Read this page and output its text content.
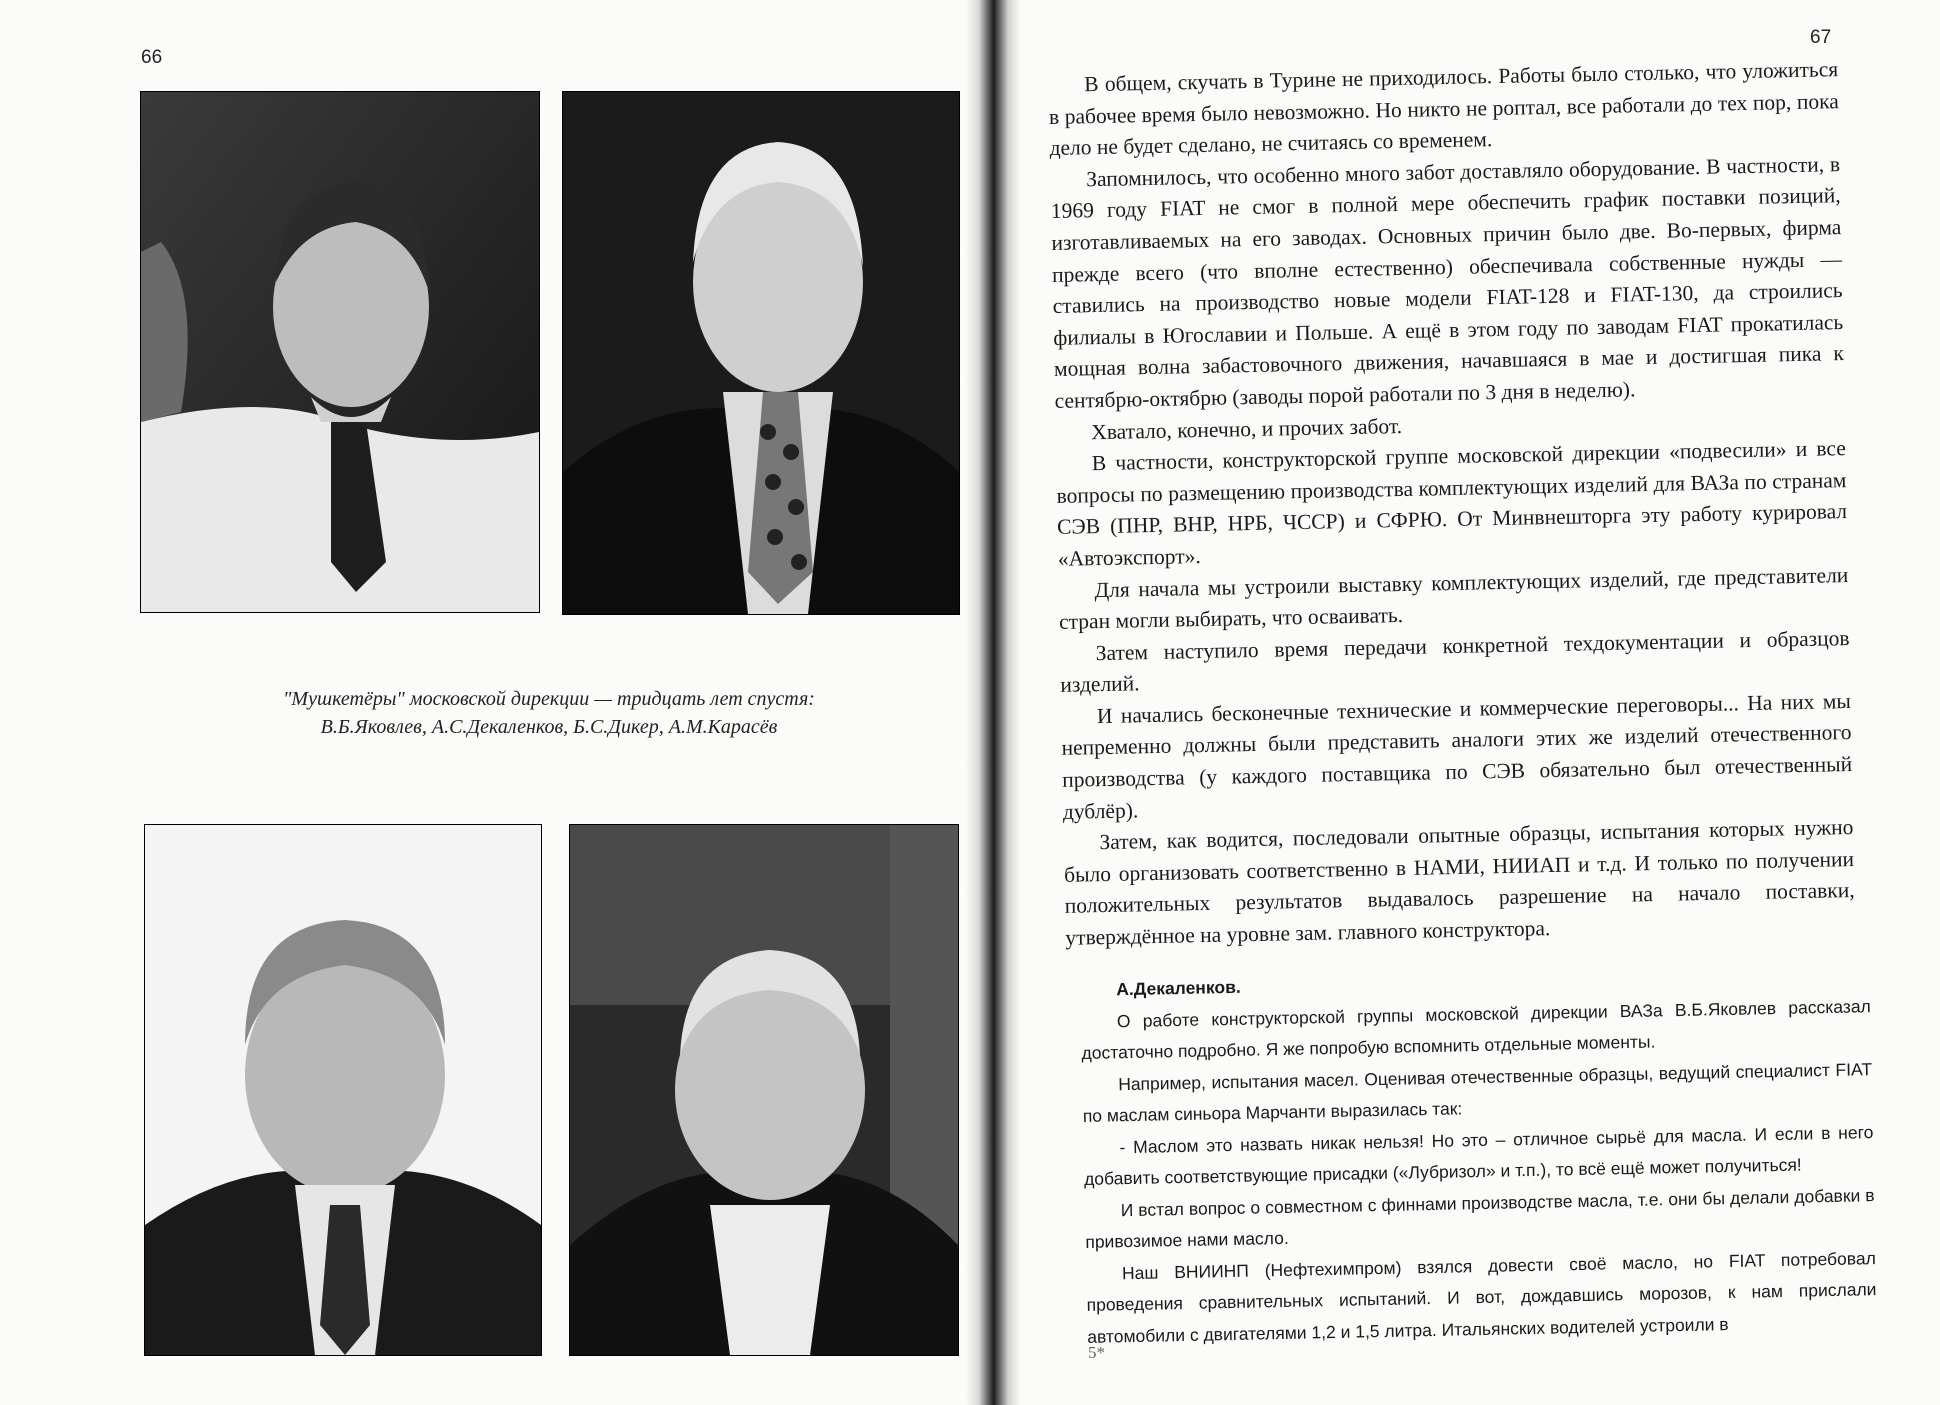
66
67
"Мушкетёры" московской дирекции — тридцать лет спустя:
В.Б.Яковлев, А.С.Декаленков, Б.С.Дикер, А.М.Карасёв

В общем, скучать в Турине не приходилось. Работы было столько, что уложиться в рабочее время было невозможно. Но никто не роптал, все работали до тех пор, пока дело не будет сделано, не считаясь со временем.

Запомнилось, что особенно много забот доставляло оборудование. В частности, в 1969 году FIAT не смог в полной мере обеспечить график поставки позиций, изготавливаемых на его заводах. Основных причин было две. Во-первых, фирма прежде всего (что вполне естественно) обеспечивала собственные нужды — ставились на производство новые модели FIAT-128 и FIAT-130, да строились филиалы в Югославии и Польше. А ещё в этом году по заводам FIAT прокатилась мощная волна забастовочного движения, начавшаяся в мае и достигшая пика к сентябрю-октябрю (заводы порой работали по 3 дня в неделю).

Хватало, конечно, и прочих забот.

В частности, конструкторской группе московской дирекции «подвесили» и все вопросы по размещению производства комплектующих изделий для ВАЗа по странам СЭВ (ПНР, ВНР, НРБ, ЧССР) и СФРЮ. От Минвнешторга эту работу курировал «Автоэкспорт».

Для начала мы устроили выставку комплектующих изделий, где представители стран могли выбирать, что осваивать.

Затем наступило время передачи конкретной техдокументации и образцов изделий.

И начались бесконечные технические и коммерческие переговоры... На них мы непременно должны были представить аналоги этих же изделий отечественного производства (у каждого поставщика по СЭВ обязательно был отечественный дублёр).

Затем, как водится, последовали опытные образцы, испытания которых нужно было организовать соответственно в НАМИ, НИИАП и т.д. И только по получении положительных результатов выдавалось разрешение на начало поставки, утверждённое на уровне зам. главного конструктора.

А.Декаленков.

О работе конструкторской группы московской дирекции ВАЗа В.Б.Яковлев рассказал достаточно подробно. Я же попробую вспомнить отдельные моменты.

Например, испытания масел. Оценивая отечественные образцы, ведущий специалист FIAT по маслам синьора Марчанти выразилась так:

- Маслом это назвать никак нельзя! Но это – отличное сырьё для масла. И если в него добавить соответствующие присадки («Лубризол» и т.п.), то всё ещё может получиться!

И встал вопрос о совместном с финнами производстве масла, т.е. они бы делали добавки в привозимое нами масло.

Наш ВНИИНП (Нефтехимпром) взялся довести своё масло, но FIAT потребовал проведения сравнительных испытаний. И вот, дождавшись морозов, к нам прислали автомобили с двигателями 1,2 и 1,5 литра. Итальянских водителей устроили в

5*
